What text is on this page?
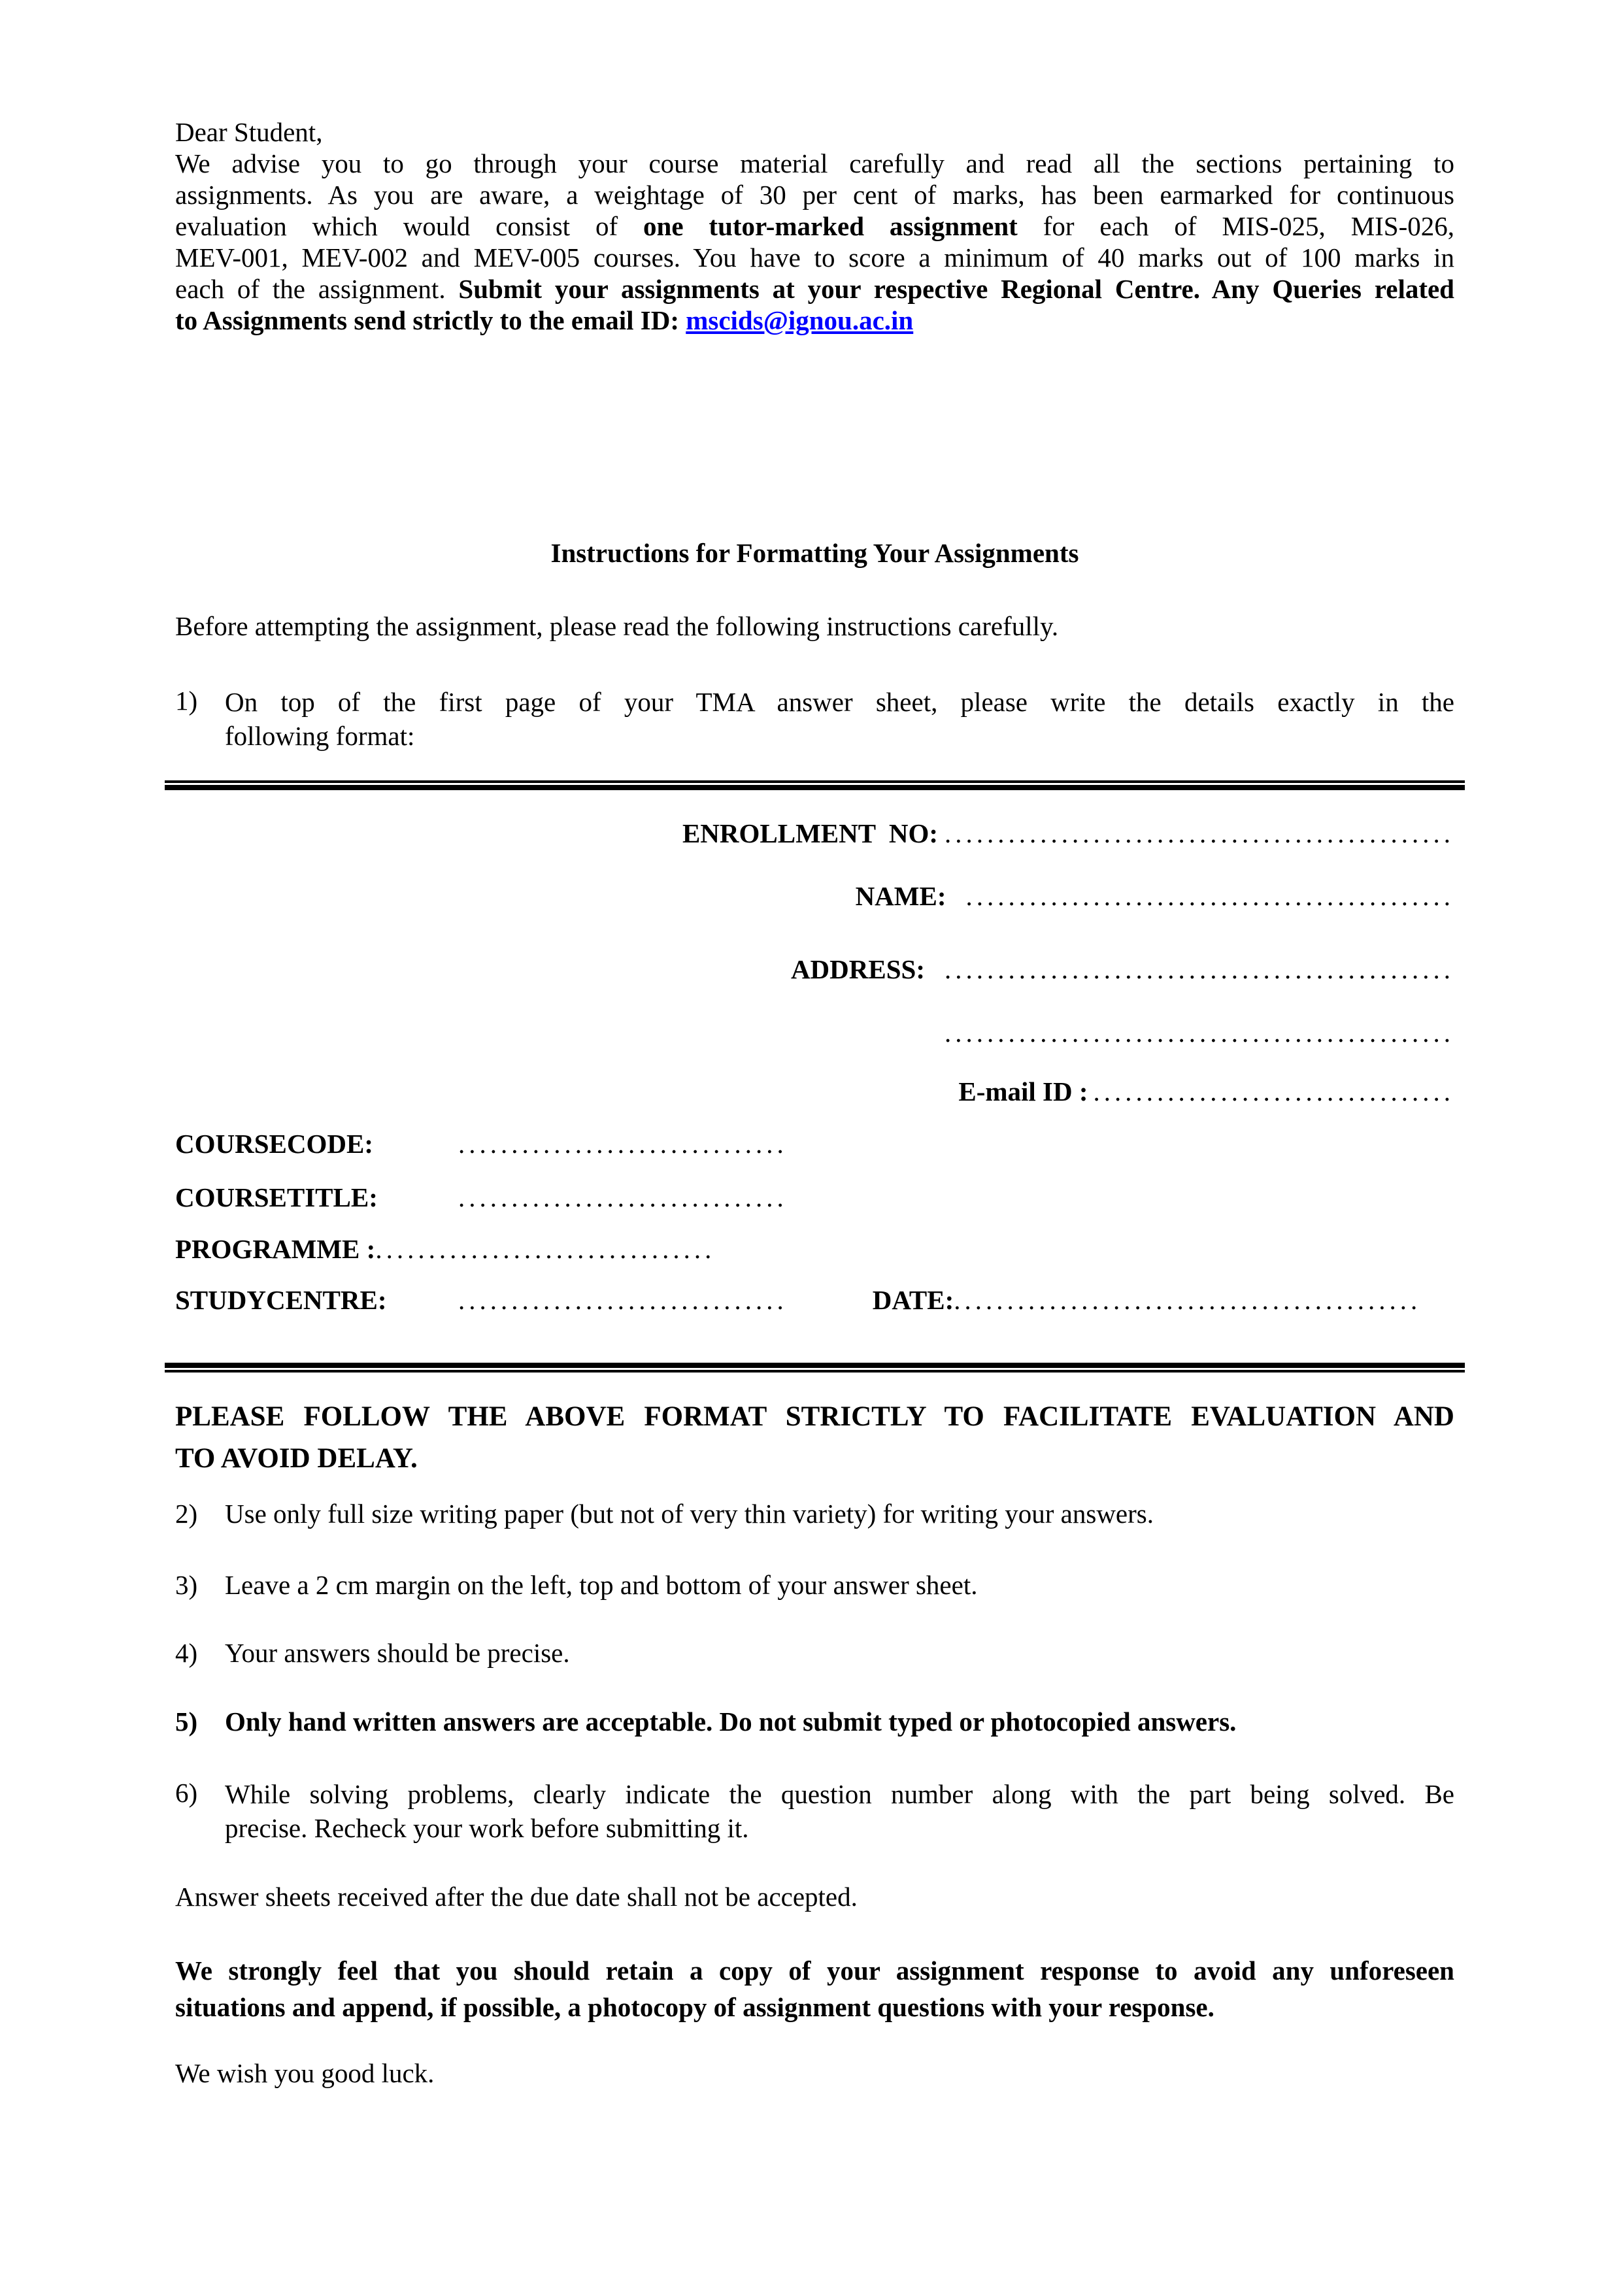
Dear Student,
We advise you to go through your course material carefully and read all the sections pertaining to
assignments. As you are aware, a weightage of 30 per cent of marks, has been earmarked for continuous
evaluation which would consist of one tutor-marked assignment for each of MIS-025, MIS-026,
MEV-001, MEV-002 and MEV-005 courses. You have to score a minimum of 40 marks out of 100 marks in
each of the assignment. Submit your assignments at your respective Regional Centre. Any Queries related
to Assignments send strictly to the email ID: mscids@ignou.ac.in
Instructions for Formatting Your Assignments
Before attempting the assignment, please read the following instructions carefully.
1)	On top of the first page of your TMA answer sheet, please write the details exactly in the
following format:
ENROLLMENT  NO: ................................................
NAME: ..............................................
ADDRESS: ................................................
................................................
E-mail ID : ..................................
COURSECODE:	...............................
COURSETITLE:	...............................
PROGRAMME : ................................
STUDYCENTRE:	...............................	DATE: ............................................
PLEASE FOLLOW THE ABOVE FORMAT STRICTLY TO FACILITATE EVALUATION AND
TO AVOID DELAY.
2)	Use only full size writing paper (but not of very thin variety) for writing your answers.
3)	Leave a 2 cm margin on the left, top and bottom of your answer sheet.
4)	Your answers should be precise.
5)	Only hand written answers are acceptable. Do not submit typed or photocopied answers.
6)	While solving problems, clearly indicate the question number along with the part being solved. Be
precise. Recheck your work before submitting it.
Answer sheets received after the due date shall not be accepted.
We strongly feel that you should retain a copy of your assignment response to avoid any unforeseen
situations and append, if possible, a photocopy of assignment questions with your response.
We wish you good luck.
